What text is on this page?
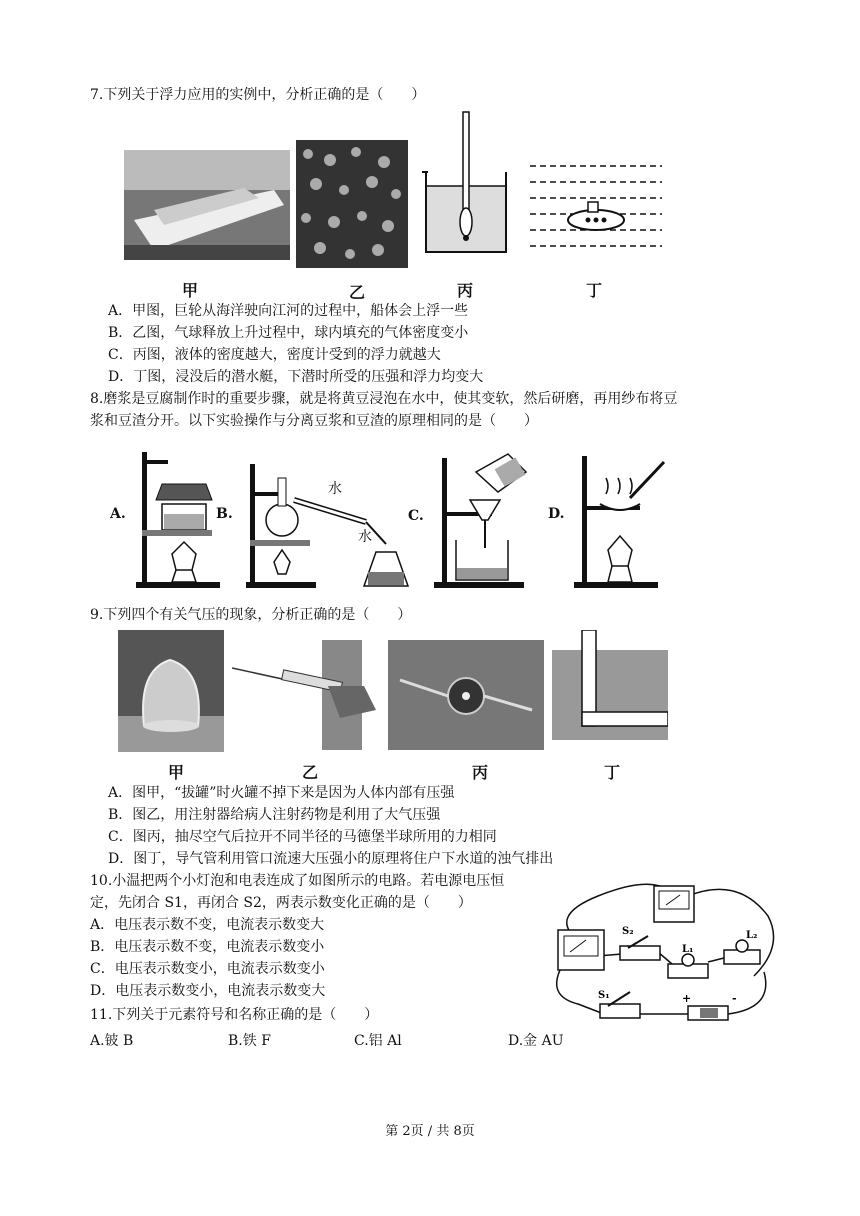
7.下列关于浮力应用的实例中，分析正确的是（　　）
甲	乙	丙	丁
A．甲图，巨轮从海洋驶向江河的过程中，船体会上浮一些
B．乙图，气球释放上升过程中，球内填充的气体密度变小
C．丙图，液体的密度越大，密度计受到的浮力就越大
D．丁图，浸没后的潜水艇，下潜时所受的压强和浮力均变大
8.磨浆是豆腐制作时的重要步骤，就是将黄豆浸泡在水中，使其变软，然后研磨，再用纱布将豆
浆和豆渣分开。以下实验操作与分离豆浆和豆渣的原理相同的是（　　）
A.	B.
水
水
C.	D.
9.下列四个有关气压的现象，分析正确的是（　　）
甲	乙	丙	丁
A．图甲，“拔罐”时火罐不掉下来是因为人体内部有压强
B．图乙，用注射器给病人注射药物是利用了大气压强
C．图丙，抽尽空气后拉开不同半径的马德堡半球所用的力相同
D．图丁，导气管利用管口流速大压强小的原理将住户下水道的浊气排出
10.小温把两个小灯泡和电表连成了如图所示的电路。若电源电压恒
定，先闭合 S1，再闭合 S2，两表示数变化正确的是（　　）
A．电压表示数不变，电流表示数变大
B．电压表示数不变，电流表示数变小
C．电压表示数变小，电流表示数变小
D．电压表示数变小，电流表示数变大
S₂
L₁
L₂
S₁	+	-
11.下列关于元素符号和名称正确的是（　　）
A.铍 B	B.铁 F	C.铝 Al	D.金 AU
第 2页 / 共 8页
